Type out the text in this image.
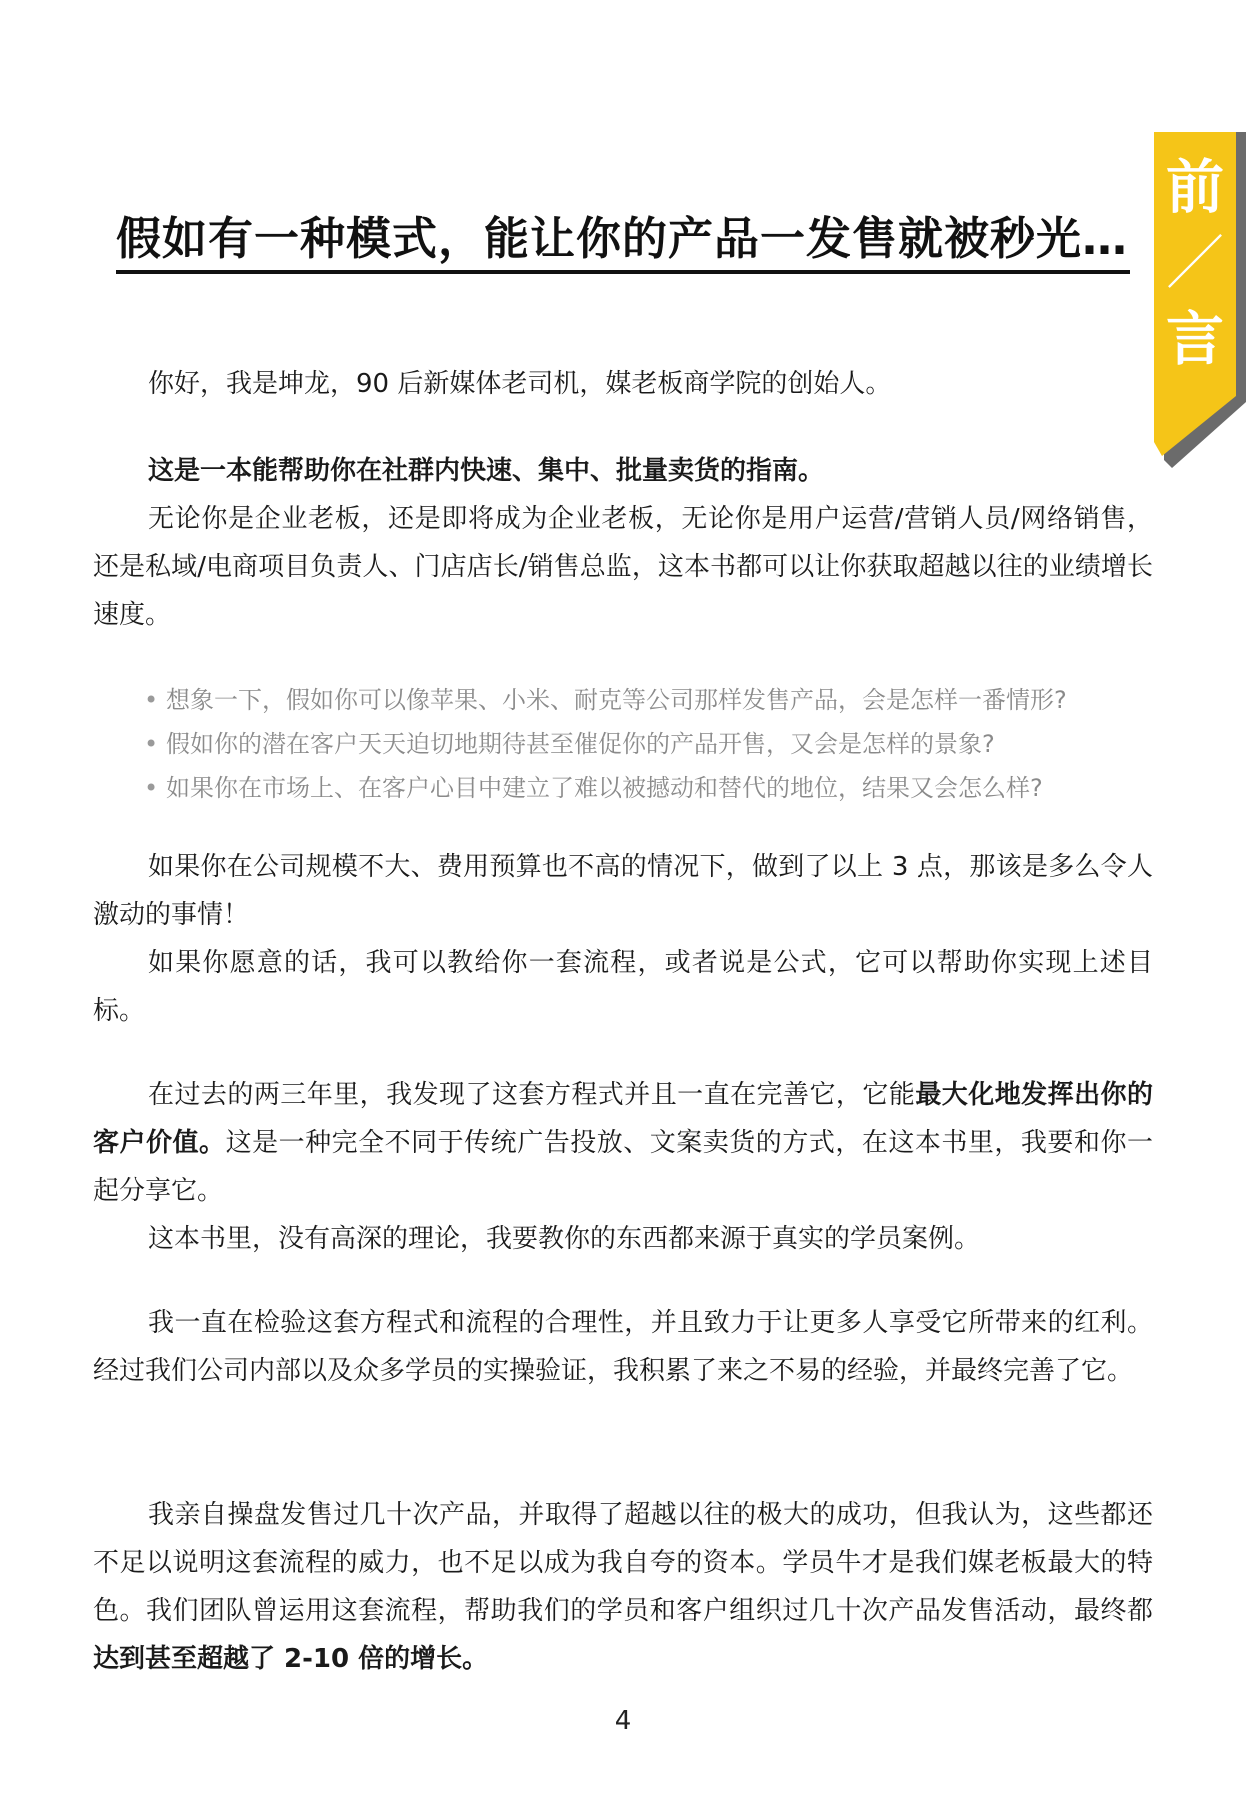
前
／
言
假如有一种模式，能让你的产品一发售就被秒光…
你好，我是坤龙，90 后新媒体老司机，媒老板商学院的创始人。
这是一本能帮助你在社群内快速、集中、批量卖货的指南。
无论你是企业老板，还是即将成为企业老板，无论你是用户运营/营销人员/网络销售，还是私域/电商项目负责人、门店店长/销售总监，这本书都可以让你获取超越以往的业绩增长速度。
• 想象一下，假如你可以像苹果、小米、耐克等公司那样发售产品，会是怎样一番情形?
• 假如你的潜在客户天天迫切地期待甚至催促你的产品开售，又会是怎样的景象?
• 如果你在市场上、在客户心目中建立了难以被撼动和替代的地位，结果又会怎么样?
如果你在公司规模不大、费用预算也不高的情况下，做到了以上 3 点，那该是多么令人激动的事情！
如果你愿意的话，我可以教给你一套流程，或者说是公式，它可以帮助你实现上述目标。
在过去的两三年里，我发现了这套方程式并且一直在完善它，它能最大化地发挥出你的客户价值。这是一种完全不同于传统广告投放、文案卖货的方式，在这本书里，我要和你一起分享它。
这本书里，没有高深的理论，我要教你的东西都来源于真实的学员案例。
我一直在检验这套方程式和流程的合理性，并且致力于让更多人享受它所带来的红利。经过我们公司内部以及众多学员的实操验证，我积累了来之不易的经验，并最终完善了它。
我亲自操盘发售过几十次产品，并取得了超越以往的极大的成功，但我认为，这些都还不足以说明这套流程的威力，也不足以成为我自夸的资本。学员牛才是我们媒老板最大的特色。我们团队曾运用这套流程，帮助我们的学员和客户组织过几十次产品发售活动，最终都达到甚至超越了 2-10 倍的增长。
4
